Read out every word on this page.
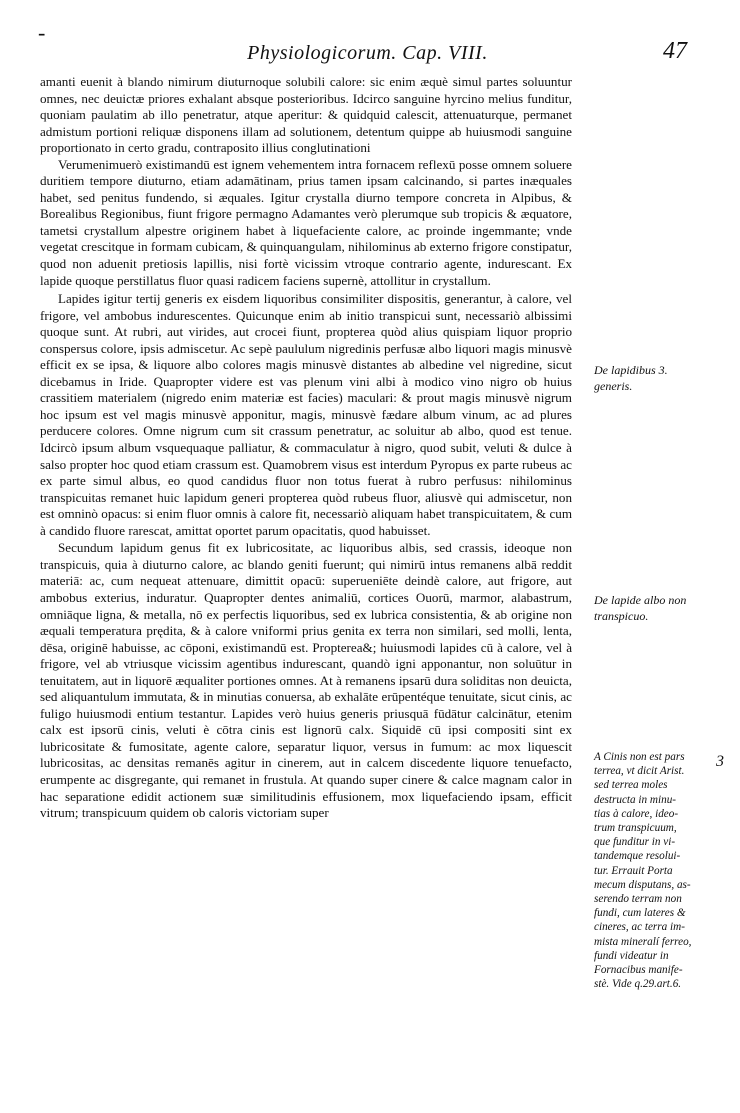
-
Physiologicorum. Cap. VIII.	47

amanti euenit à blando nimirum diuturnoque solubili calore: sic enim æquè simul partes soluuntur omnes, nec deuictæ priores exhalant absque posterioribus. Idcirco sanguine hyrcino melius funditur, quoniam paulatim ab illo penetratur, atque aperitur: & quidquid calescit, attenuaturque, permanet admistum portioni reliquæ disponens illam ad solutionem, detentum quippe ab huiusmodi sanguine proportionato in certo gradu, contraposito illius conglutinationi

Verumenimuerò existimandū est ignem vehementem intra fornacem reflexū posse omnem soluere duritiem tempore diuturno, etiam adamātinam, prius tamen ipsam calcinando, si partes inæquales habet, sed penitus fundendo, si æquales. Igitur crystalla diurno tempore concreta in Alpibus, & Borealibus Regionibus, fiunt frigore permagno Adamantes verò plerumque sub tropicis & æquatore, tametsi crystallum alpestre originem habet à liquefaciente calore, ac proinde ingemmante; vnde vegetat crescitque in formam cubicam, & quinquangulam, nihilominus ab externo frigore constipatur, quod non aduenit pretiosis lapillis, nisi fortè vicissim vtroque contrario agente, indurescant. Ex lapide quoque perstillatus fluor quasi radicem faciens supernè, attollitur in crystallum.

Lapides igitur tertij generis ex eisdem liquoribus consimiliter dispositis, generantur, à calore, vel frigore, vel ambobus indurescentes. Quicunque enim ab initio transpicui sunt, necessariò albissimi quoque sunt. At rubri, aut virides, aut crocei fiunt, propterea quòd alius quispiam liquor proprio conspersus colore, ipsis admiscetur. Ac sepè paululum nigredinis perfusæ albo liquori magis minusvè efficit ex se ipsa, & liquore albo colores magis minusvè distantes ab albedine vel nigredine, sicut dicebamus in Iride. Quapropter videre est vas plenum vini albi à modico vino nigro ob huius crassitiem materialem (nigredo enim materiæ est facies) maculari: & prout magis minusvè nigrum hoc ipsum est vel magis minusvè apponitur, magis, minusvè fædare album vinum, ac ad plures perducere colores. Omne nigrum cum sit crassum penetratur, ac soluitur ab albo, quod est tenue. Idcircò ipsum album vsquequaque palliatur, & commaculatur à nigro, quod subit, veluti & dulce à salso propter hoc quod etiam crassum est. Quamobrem visus est interdum Pyropus ex parte rubeus ac ex parte simul albus, eo quod candidus fluor non totus fuerat à rubro perfusus: nihilominus transpicuitas remanet huic lapidum generi propterea quòd rubeus fluor, aliusvè qui admiscetur, non est omninò opacus: si enim fluor omnis à calore fit, necessariò aliquam habet transpicuitatem, & cum à candido fluore rarescat, amittat oportet parum opacitatis, quod habuisset.

Secundum lapidum genus fit ex lubricositate, ac liquoribus albis, sed crassis, ideoque non transpicuis, quia à diuturno calore, ac blando geniti fuerunt; qui nimirū intus remanens albā reddit materiā: ac, cum nequeat attenuare, dimittit opacū: superueniēte deindè calore, aut frigore, aut ambobus exterius, induratur. Quapropter dentes animaliū, cortices Ouorū, marmor, alabastrum, omniāque ligna, & metalla, nō ex perfectis liquoribus, sed ex lubrica consistentia, & ab origine non æquali temperatura prędita, & à calore vniformi prius genita ex terra non similari, sed molli, lenta, dēsa, originē habuisse, ac cōponi, existimandū est. Propterea&; huiusmodi lapides cū à calore, vel à frigore, vel ab vtriusque vicissim agentibus indurescant, quandò igni apponantur, non soluūtur in tenuitatem, aut in liquorē æqualiter portiones omnes. At à remanens ipsarū dura soliditas non deuicta, sed aliquantulum immutata, & in minutias conuersa, ab exhalāte erūpentéque tenuitate, sicut cinis, ac fuligo huiusmodi entium testantur. Lapides verò huius generis priusquā fūdātur calcinātur, etenim calx est ipsorū cinis, veluti è cōtra cinis est lignorū calx. Siquidē cū ipsi compositi sint ex lubricositate & fumositate, agente calore, separatur liquor, versus in fumum: ac mox liquescit lubricositas, ac densitas remanēs agitur in cinerem, aut in calcem discedente liquore tenuefacto, erumpente ac disgregante, qui remanet in frustula. At quando super cinere & calce magnam calor in hac separatione edidit actionem suæ similitudinis effusionem, mox liquefaciendo ipsam, efficit vitrum; transpicuum quidem ob caloris victoriam super

De lapidibus 3. generis.
De lapide albo non transpicuo.
A Cinis non est pars
terrea, vt dicit Arist.
sed terrea moles
destructa in minu-
tias à calore, ideo-
trum transpicuum,
que funditur in vi-
tandemque resolui-
tur. Errauit Porta
mecum disputans, as-
serendo terram non
fundi, cum lateres &
cineres, ac terra im-
mista mineralí ferreo,
fundi videatur in
Fornacibus manife-
stè. Vide q.29.art.6.
3
